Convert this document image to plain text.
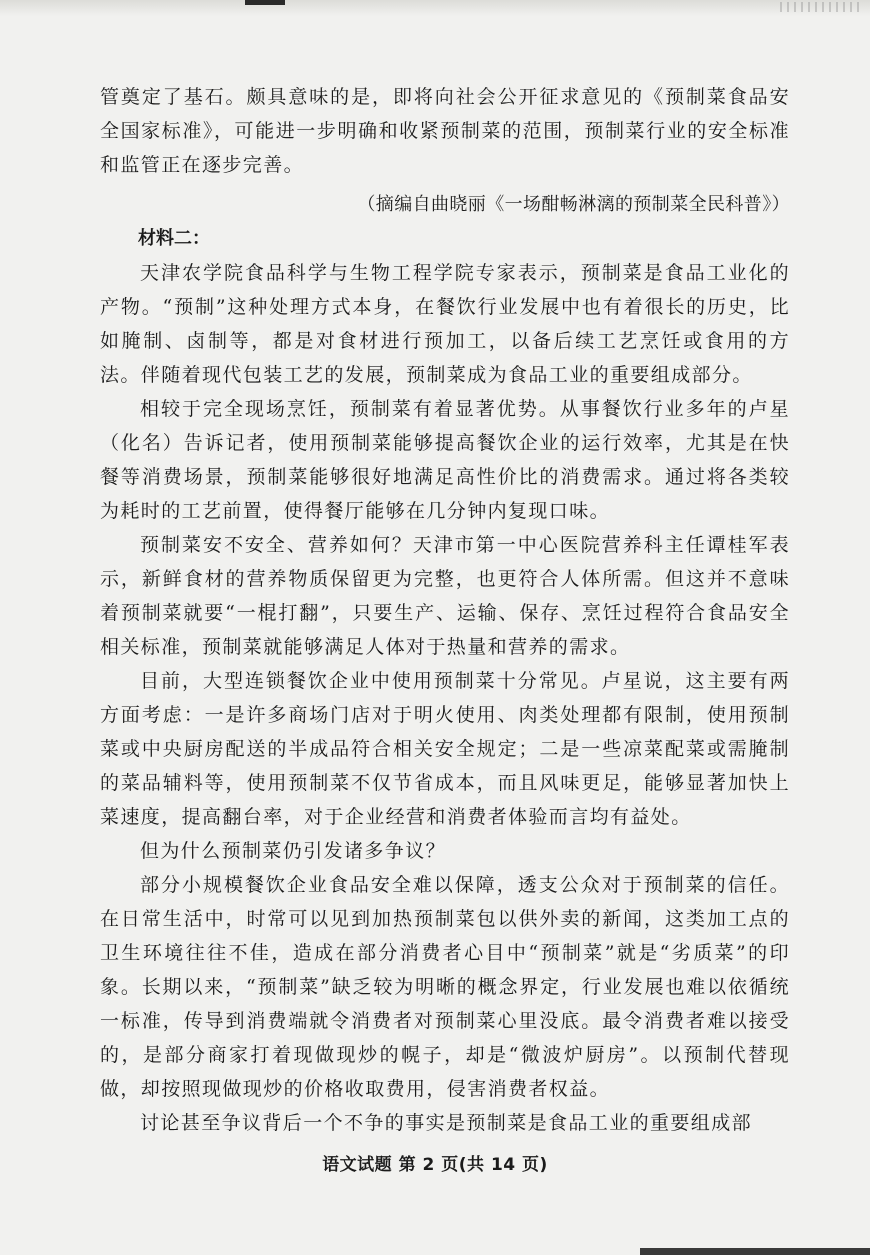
管奠定了基石。颇具意味的是，即将向社会公开征求意见的《预制菜食品安全国家标准》，可能进一步明确和收紧预制菜的范围，预制菜行业的安全标准和监管正在逐步完善。

（摘编自曲晓丽《一场酣畅淋漓的预制菜全民科普》）

材料二：

天津农学院食品科学与生物工程学院专家表示，预制菜是食品工业化的产物。“预制”这种处理方式本身，在餐饮行业发展中也有着很长的历史，比如腌制、卤制等，都是对食材进行预加工，以备后续工艺烹饪或食用的方法。伴随着现代包装工艺的发展，预制菜成为食品工业的重要组成部分。

相较于完全现场烹饪，预制菜有着显著优势。从事餐饮行业多年的卢星（化名）告诉记者，使用预制菜能够提高餐饮企业的运行效率，尤其是在快餐等消费场景，预制菜能够很好地满足高性价比的消费需求。通过将各类较为耗时的工艺前置，使得餐厅能够在几分钟内复现口味。

预制菜安不安全、营养如何？天津市第一中心医院营养科主任谭桂军表示，新鲜食材的营养物质保留更为完整，也更符合人体所需。但这并不意味着预制菜就要“一棍打翻”，只要生产、运输、保存、烹饪过程符合食品安全相关标准，预制菜就能够满足人体对于热量和营养的需求。

目前，大型连锁餐饮企业中使用预制菜十分常见。卢星说，这主要有两方面考虑：一是许多商场门店对于明火使用、肉类处理都有限制，使用预制菜或中央厨房配送的半成品符合相关安全规定；二是一些凉菜配菜或需腌制的菜品辅料等，使用预制菜不仅节省成本，而且风味更足，能够显著加快上菜速度，提高翻台率，对于企业经营和消费者体验而言均有益处。

但为什么预制菜仍引发诸多争议？

部分小规模餐饮企业食品安全难以保障，透支公众对于预制菜的信任。在日常生活中，时常可以见到加热预制菜包以供外卖的新闻，这类加工点的卫生环境往往不佳，造成在部分消费者心目中“预制菜”就是“劣质菜”的印象。长期以来，“预制菜”缺乏较为明晰的概念界定，行业发展也难以依循统一标准，传导到消费端就令消费者对预制菜心里没底。最令消费者难以接受的，是部分商家打着现做现炒的幌子，却是“微波炉厨房”。以预制代替现做，却按照现做现炒的价格收取费用，侵害消费者权益。

讨论甚至争议背后一个不争的事实是预制菜是食品工业的重要组成部

语文试题 第 2 页(共 14 页)
